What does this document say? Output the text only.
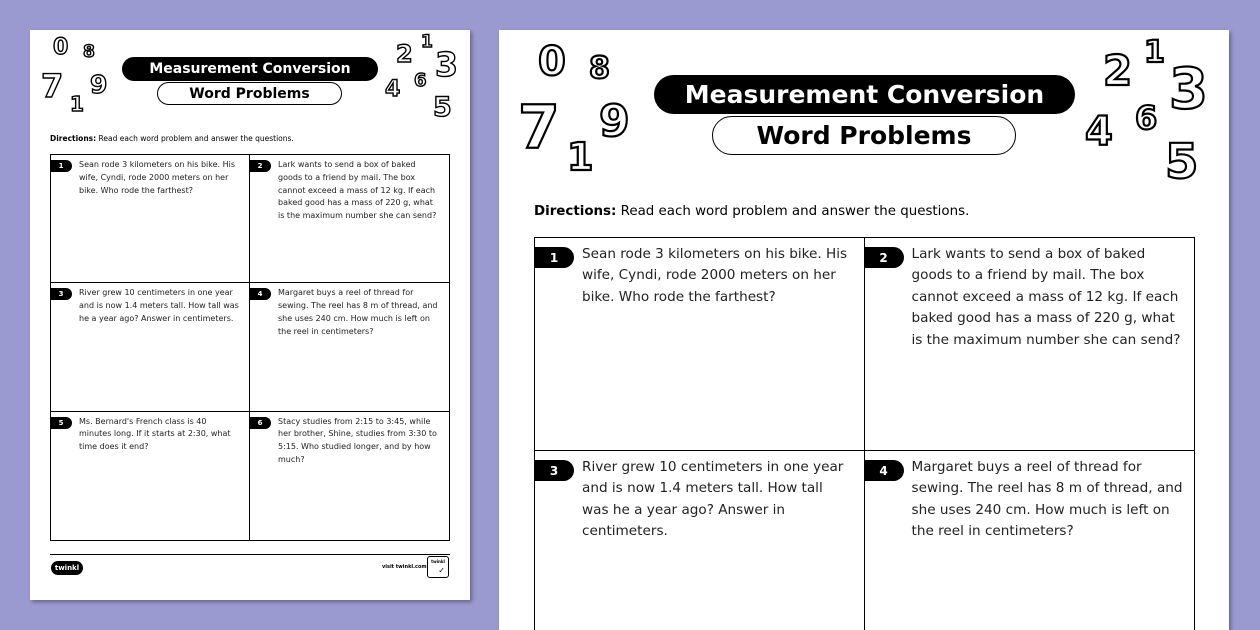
0 8
7 1
9
2 1
3
4 6
5
Measurement Conversion
Word Problems
Directions: Read each word problem and answer the questions.
1	Sean rode 3 kilometers on his bike. His wife, Cyndi, rode 2000 meters on her bike. Who rode the farthest?
2	Lark wants to send a box of baked goods to a friend by mail. The box cannot exceed a mass of 12 kg. If each baked good has a mass of 220 g, what is the maximum number she can send?
3	River grew 10 centimeters in one year and is now 1.4 meters tall. How tall was he a year ago? Answer in centimeters.
4	Margaret buys a reel of thread for sewing. The reel has 8 m of thread, and she uses 240 cm. How much is left on the reel in centimeters?
5	Ms. Bernard's French class is 40 minutes long. If it starts at 2:30, what time does it end?
6	Stacy studies from 2:15 to 3:45, while her brother, Shine, studies from 3:30 to 5:15. Who studied longer, and by how much?
twinkl	visit twinkl.com
twinkl
✓
0 8
7 1
9
2 1
3
4 6
5
Measurement Conversion
Word Problems
Directions: Read each word problem and answer the questions.
1	Sean rode 3 kilometers on his bike. His wife, Cyndi, rode 2000 meters on her bike. Who rode the farthest?
2	Lark wants to send a box of baked goods to a friend by mail. The box cannot exceed a mass of 12 kg. If each baked good has a mass of 220 g, what is the maximum number she can send?
3	River grew 10 centimeters in one year and is now 1.4 meters tall. How tall was he a year ago? Answer in centimeters.
4	Margaret buys a reel of thread for sewing. The reel has 8 m of thread, and she uses 240 cm. How much is left on the reel in centimeters?
